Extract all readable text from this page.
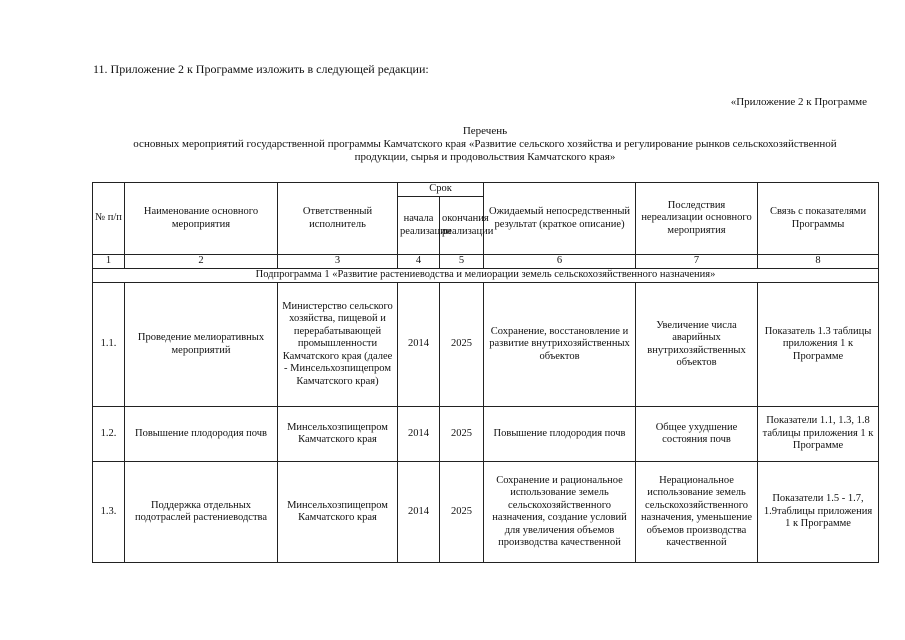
11. Приложение 2 к Программе изложить в следующей редакции:
«Приложение 2 к Программе
Перечень
основных мероприятий государственной программы Камчатского края «Развитие сельского хозяйства и регулирование рынков сельскохозяйственной
продукции, сырья и продовольствия Камчатского края»
№ п/п	Наименование основного мероприятия	Ответственный исполнитель	Срок		Ожидаемый непосредственный результат (краткое описание)	Последствия нереализации основного мероприятия	Связь с показателями Программы
			начала реализации	окончания реализации			
1	2	3	4	5	6	7	8
Подпрограмма 1 «Развитие растениеводства и мелиорации земель сельскохозяйственного назначения»							
1.1.	Проведение мелиоративных мероприятий	Министерство сельского хозяйства, пищевой и перерабатывающей промышленности Камчатского края (далее - Минсельхозпищепром Камчатского края)	2014	2025	Сохранение, восстановление и развитие внутрихозяйственных объектов	Увеличение числа аварийных внутрихозяйственных объектов	Показатель 1.3 таблицы приложения 1 к Программе
1.2.	Повышение плодородия почв	Минсельхозпищепром Камчатского края	2014	2025	Повышение плодородия почв	Общее ухудшение состояния почв	Показатели 1.1, 1.3, 1.8 таблицы приложения 1 к Программе
1.3.	Поддержка отдельных подотраслей растениеводства	Минсельхозпищепром Камчатского края	2014	2025	Сохранение и рациональное использование земель сельскохозяйственного назначения, создание условий для увеличения объемов производства качественной	Нерациональное использование земель сельскохозяйственного назначения, уменьшение объемов производства качественной	Показатели 1.5 - 1.7, 1.9таблицы приложения 1 к Программе
